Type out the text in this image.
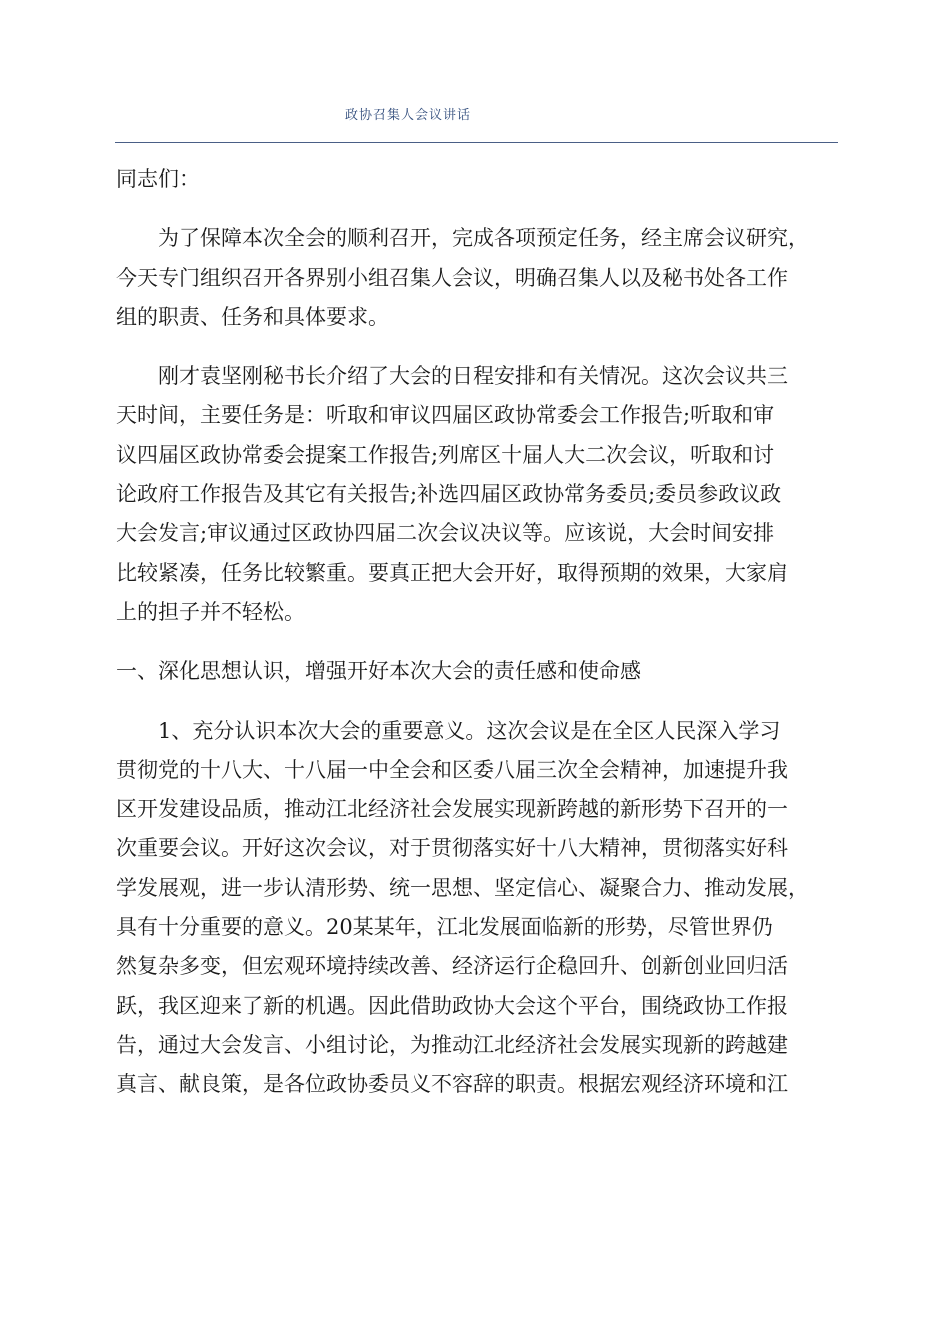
政协召集人会议讲话
同志们：
为了保障本次全会的顺利召开，完成各项预定任务，经主席会议研究，
今天专门组织召开各界别小组召集人会议，明确召集人以及秘书处各工作
组的职责、任务和具体要求。
刚才袁坚刚秘书长介绍了大会的日程安排和有关情况。这次会议共三
天时间，主要任务是：听取和审议四届区政协常委会工作报告;听取和审
议四届区政协常委会提案工作报告;列席区十届人大二次会议，听取和讨
论政府工作报告及其它有关报告;补选四届区政协常务委员;委员参政议政
大会发言;审议通过区政协四届二次会议决议等。应该说，大会时间安排
比较紧凑，任务比较繁重。要真正把大会开好，取得预期的效果，大家肩
上的担子并不轻松。
一、深化思想认识，增强开好本次大会的责任感和使命感
1、充分认识本次大会的重要意义。这次会议是在全区人民深入学习
贯彻党的十八大、十八届一中全会和区委八届三次全会精神，加速提升我
区开发建设品质，推动江北经济社会发展实现新跨越的新形势下召开的一
次重要会议。开好这次会议，对于贯彻落实好十八大精神，贯彻落实好科
学发展观，进一步认清形势、统一思想、坚定信心、凝聚合力、推动发展，
具有十分重要的意义。20某某年，江北发展面临新的形势，尽管世界仍
然复杂多变，但宏观环境持续改善、经济运行企稳回升、创新创业回归活
跃，我区迎来了新的机遇。因此借助政协大会这个平台，围绕政协工作报
告，通过大会发言、小组讨论，为推动江北经济社会发展实现新的跨越建
真言、献良策，是各位政协委员义不容辞的职责。根据宏观经济环境和江
